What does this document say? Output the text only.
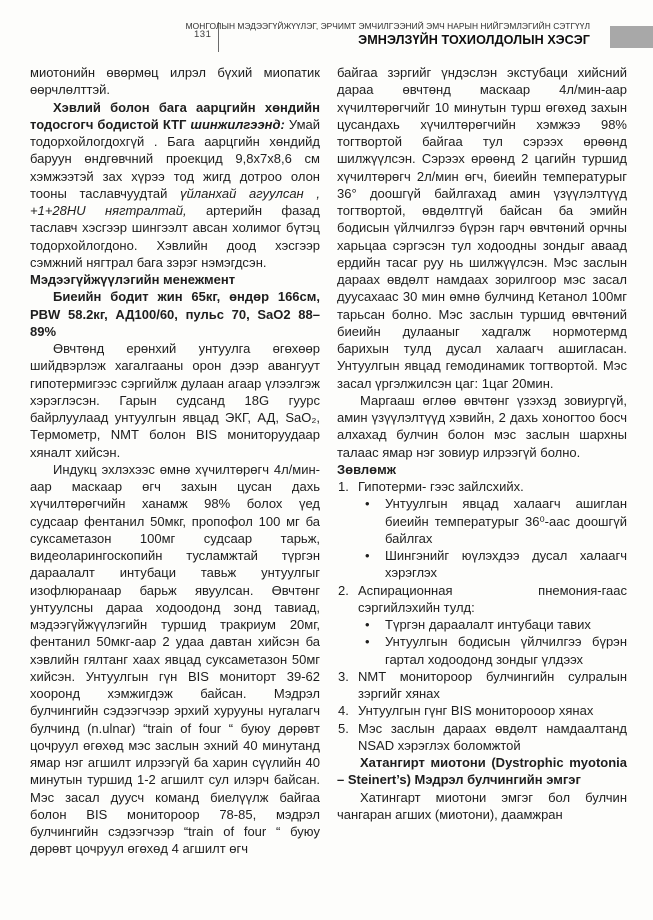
131
МОНГОЛЫН МЭДЭЭГҮЙЖҮҮЛЭГ, ЭРЧИМТ ЭМЧИЛГЭЭНИЙ ЭМЧ НАРЫН НИЙГЭМЛЭГИЙН СЭТГҮҮЛ
ЭМНЭЛЗҮЙН ТОХИОЛДОЛЫН ХЭСЭГ

миотонийн өвөрмөц илрэл бүхий миопатик өөрчлөлттэй.

Хэвлий болон бага аарцгийн хөндийн тодосгогч бодистой КТГ шинжилгээнд: Умай тодорхойлогдохгүй . Бага аарцгийн хөндийд баруун өндгөвчний проекцид 9,8х7х8,6 см хэмжээтэй зах хүрээ тод жигд дотроо олон тооны таславчуудтай үйланхай агуулсан , +1+28HU нягтралтай, артерийн фазад таславч хэсгээр шингээлт авсан холимог бүтэц тодорхойлогдоно. Хэвлийн доод хэсгээр сэмжний нягтрал бага зэрэг нэмэгдсэн.

Мэдээгүйжүүлэгийн менежмент

Биеийн бодит жин 65кг, өндөр 166см, PBW 58.2кг, АД100/60, пульс 70, SaO2 88–89%

Өвчтөнд ерөнхий унтуулга өгөхөөр шийдвэрлэж хагалгааны орон дээр авангуут гипотермигээс сэргийлж дулаан агаар үлээлгэж хэрэглэсэн. Гарын судсанд 18G гуурс байрлуулаад унтуулгын явцад ЭКГ, АД, SaO₂, Термометр, NMT болон BIS мониторуудаар хяналт хийсэн.

Индукц эхлэхээс өмнө хүчилтөрөгч 4л/мин-аар маскаар өгч захын цусан дахь хүчилтөрөгчийн ханамж 98% болох үед судсаар фентанил 50мкг, пропофол 100 мг ба суксаметазон 100мг судсаар тарьж, видеоларингоскопийн тусламжтай түргэн дараалалт интубаци тавьж унтуулгыг изофлюранаар барьж явуулсан. Өвчтөнг унтуулсны дараа ходоодонд зонд тавиад, мэдээгүйжүүлэгийн туршид тракриум 20мг, фентанил 50мкг-аар 2 удаа давтан хийсэн ба хэвлийн гялтанг хаах явцад суксаметазон 50мг хийсэн. Унтуулгын гүн BIS мониторт 39-62 хооронд хэмжигдэж байсан. Мэдрэл булчингийн сэдээгчээр эрхий хурууны нугалагч булчинд (n.ulnar) “train of four “ буюу дөрөвт цочруул өгөхөд мэс заслын эхний 40 минутанд ямар нэг агшилт илрээгүй ба харин сүүлийн 40 минутын туршид 1-2 агшилт сул илэрч байсан. Мэс засал дуусч команд биелүүлж байгаа болон BIS монитороор 78-85, мэдрэл булчингийн сэдээгчээр “train of four “ буюу дөрөвт цочруул өгөхөд 4 агшилт өгч

байгаа зэргийг үндэслэн экстубаци хийсний дараа өвчтөнд маскаар 4л/мин-аар хүчилтөрөгчийг 10 минутын турш өгөхөд захын цусандахь хүчилтөрөгчийн хэмжээ 98% тогтвортой байгаа тул сэрээх өрөөнд шилжүүлсэн. Сэрээх өрөөнд 2 цагийн туршид хүчилтөрөгч 2л/мин өгч, биеийн температурыг 36° доошгүй байлгахад амин үзүүлэлтүүд тогтвортой, өвдөлтгүй байсан ба эмийн бодисын үйлчилгээ бүрэн гарч өвчтөний орчны харьцаа сэргэсэн тул ходоодны зондыг аваад ердийн тасаг руу нь шилжүүлсэн. Мэс заслын дараах өвдөлт намдаах зорилгоор мэс засал дуусахаас 30 мин өмнө булчинд Кетанол 100мг тарьсан болно. Мэс заслын туршид өвчтөний биеийн дулааныг хадгалж нормотермд барихын тулд дусал халаагч ашигласан. Унтуулгын явцад гемодинамик тогтвортой. Мэс засал үргэлжилсэн цаг: 1цаг 20мин.

Маргааш өглөө өвчтөнг үзэхэд зовиургүй, амин үзүүлэлтүүд хэвийн, 2 дахь хоногтоо босч алхахад булчин болон мэс заслын шархны талаас ямар нэг зовиур илрээгүй болно.

Зөвлөмж

1. Гипотерми- гээс зайлсхийх.
• Унтуулгын явцад халаагч ашиглан биеийн температурыг 36⁰-аас доошгүй байлгах
• Шингэнийг юүлэхдээ дусал халаагч хэрэглэх
2. Аспирационная пнемония-гаас сэргийлэхийн тулд:
• Түргэн дараалалт интубаци тавих
• Унтуулгын бодисын үйлчилгээ бүрэн гартал ходоодонд зондыг үлдээх
3. NMT монитороор булчингийн сулралын зэргийг хянах
4. Унтуулгын гүнг BIS мониторooор хянах
5. Мэс заслын дараах өвдөлт намдаалтанд NSAD хэрэглэх боломжтой

Хатангирт миотони (Dystrophic myotonia – Steinert’s) Мэдрэл булчингийн эмгэг

Хатингарт миотони эмгэг бол булчин чангаран агших (миотони), даамжран
